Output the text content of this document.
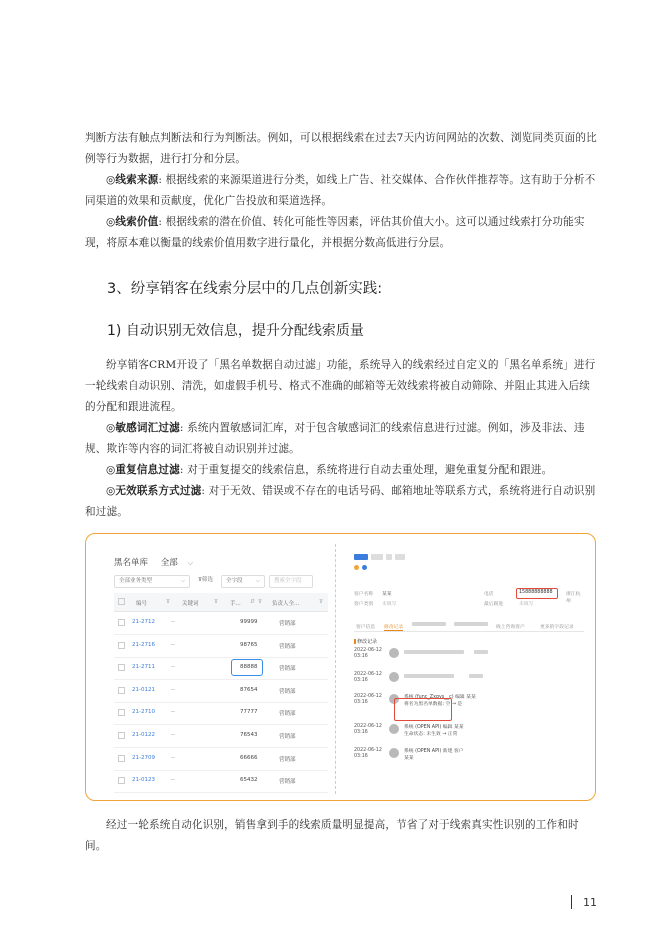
判断方法有触点判断法和行为判断法。例如，可以根据线索在过去7天内访问网站的次数、浏览同类页面的比例等行为数据，进行打分和分层。

◎线索来源: 根据线索的来源渠道进行分类，如线上广告、社交媒体、合作伙伴推荐等。这有助于分析不同渠道的效果和贡献度，优化广告投放和渠道选择。

◎线索价值: 根据线索的潜在价值、转化可能性等因素，评估其价值大小。这可以通过线索打分功能实现，将原本难以衡量的线索价值用数字进行量化，并根据分数高低进行分层。

3、纷享销客在线索分层中的几点创新实践:
1) 自动识别无效信息，提升分配线索质量

纷享销客CRM开设了「黑名单数据自动过滤」功能，系统导入的线索经过自定义的「黑名单系统」进行一轮线索自动识别、清洗，如虚假手机号、格式不准确的邮箱等无效线索将被自动筛除、并阻止其进入后续的分配和跟进流程。

◎敏感词汇过滤: 系统内置敏感词汇库，对于包含敏感词汇的线索信息进行过滤。例如，涉及非法、违规、欺诈等内容的词汇将被自动识别并过滤。

◎重复信息过滤: 对于重复提交的线索信息，系统将进行自动去重处理，避免重复分配和跟进。

◎无效联系方式过滤: 对于无效、错误或不存在的电话号码、邮箱地址等联系方式，系统将进行自动识别和过滤。

黑名单库 全部 ⌵
全部业务类型	⌵	⊽筛选	全字段 ⌵	搜索全字段
编号	⊽ 关键词	⊽ 手... ⇵ ⊽ 负责人全...	⊽
21-2712	--	99999	营销部
21-2716	--	98765	营销部
21-2711	--	88888	营销部
21-0121	--	87654	营销部
21-2710	--	77777	营销部
21-0122	--	76543	营销部
21-2709	--	66666	营销部
21-0123	--	65432	营销部
客户名称 某某	电话	15888888888	浙江杭州
客户类别 未填写	最后跟进	未填写
客户信息 修改记录	线上咨询客户	更多的字段记录
修改记录
2022-06-12
03:16
2022-06-12
03:16
2022-06-12
03:16
系统 (func_Zxqys__c) 编辑 某某
将名为黑名单数据: 空 → 是
2022-06-12
03:16
系统 (OPEN API) 编辑 某某
生命状态: 未生效 → 正常
2022-06-12
03:16
系统 (OPEN API) 新建 客户
某某

经过一轮系统自动化识别，销售拿到手的线索质量明显提高，节省了对于线索真实性识别的工作和时间。

11
